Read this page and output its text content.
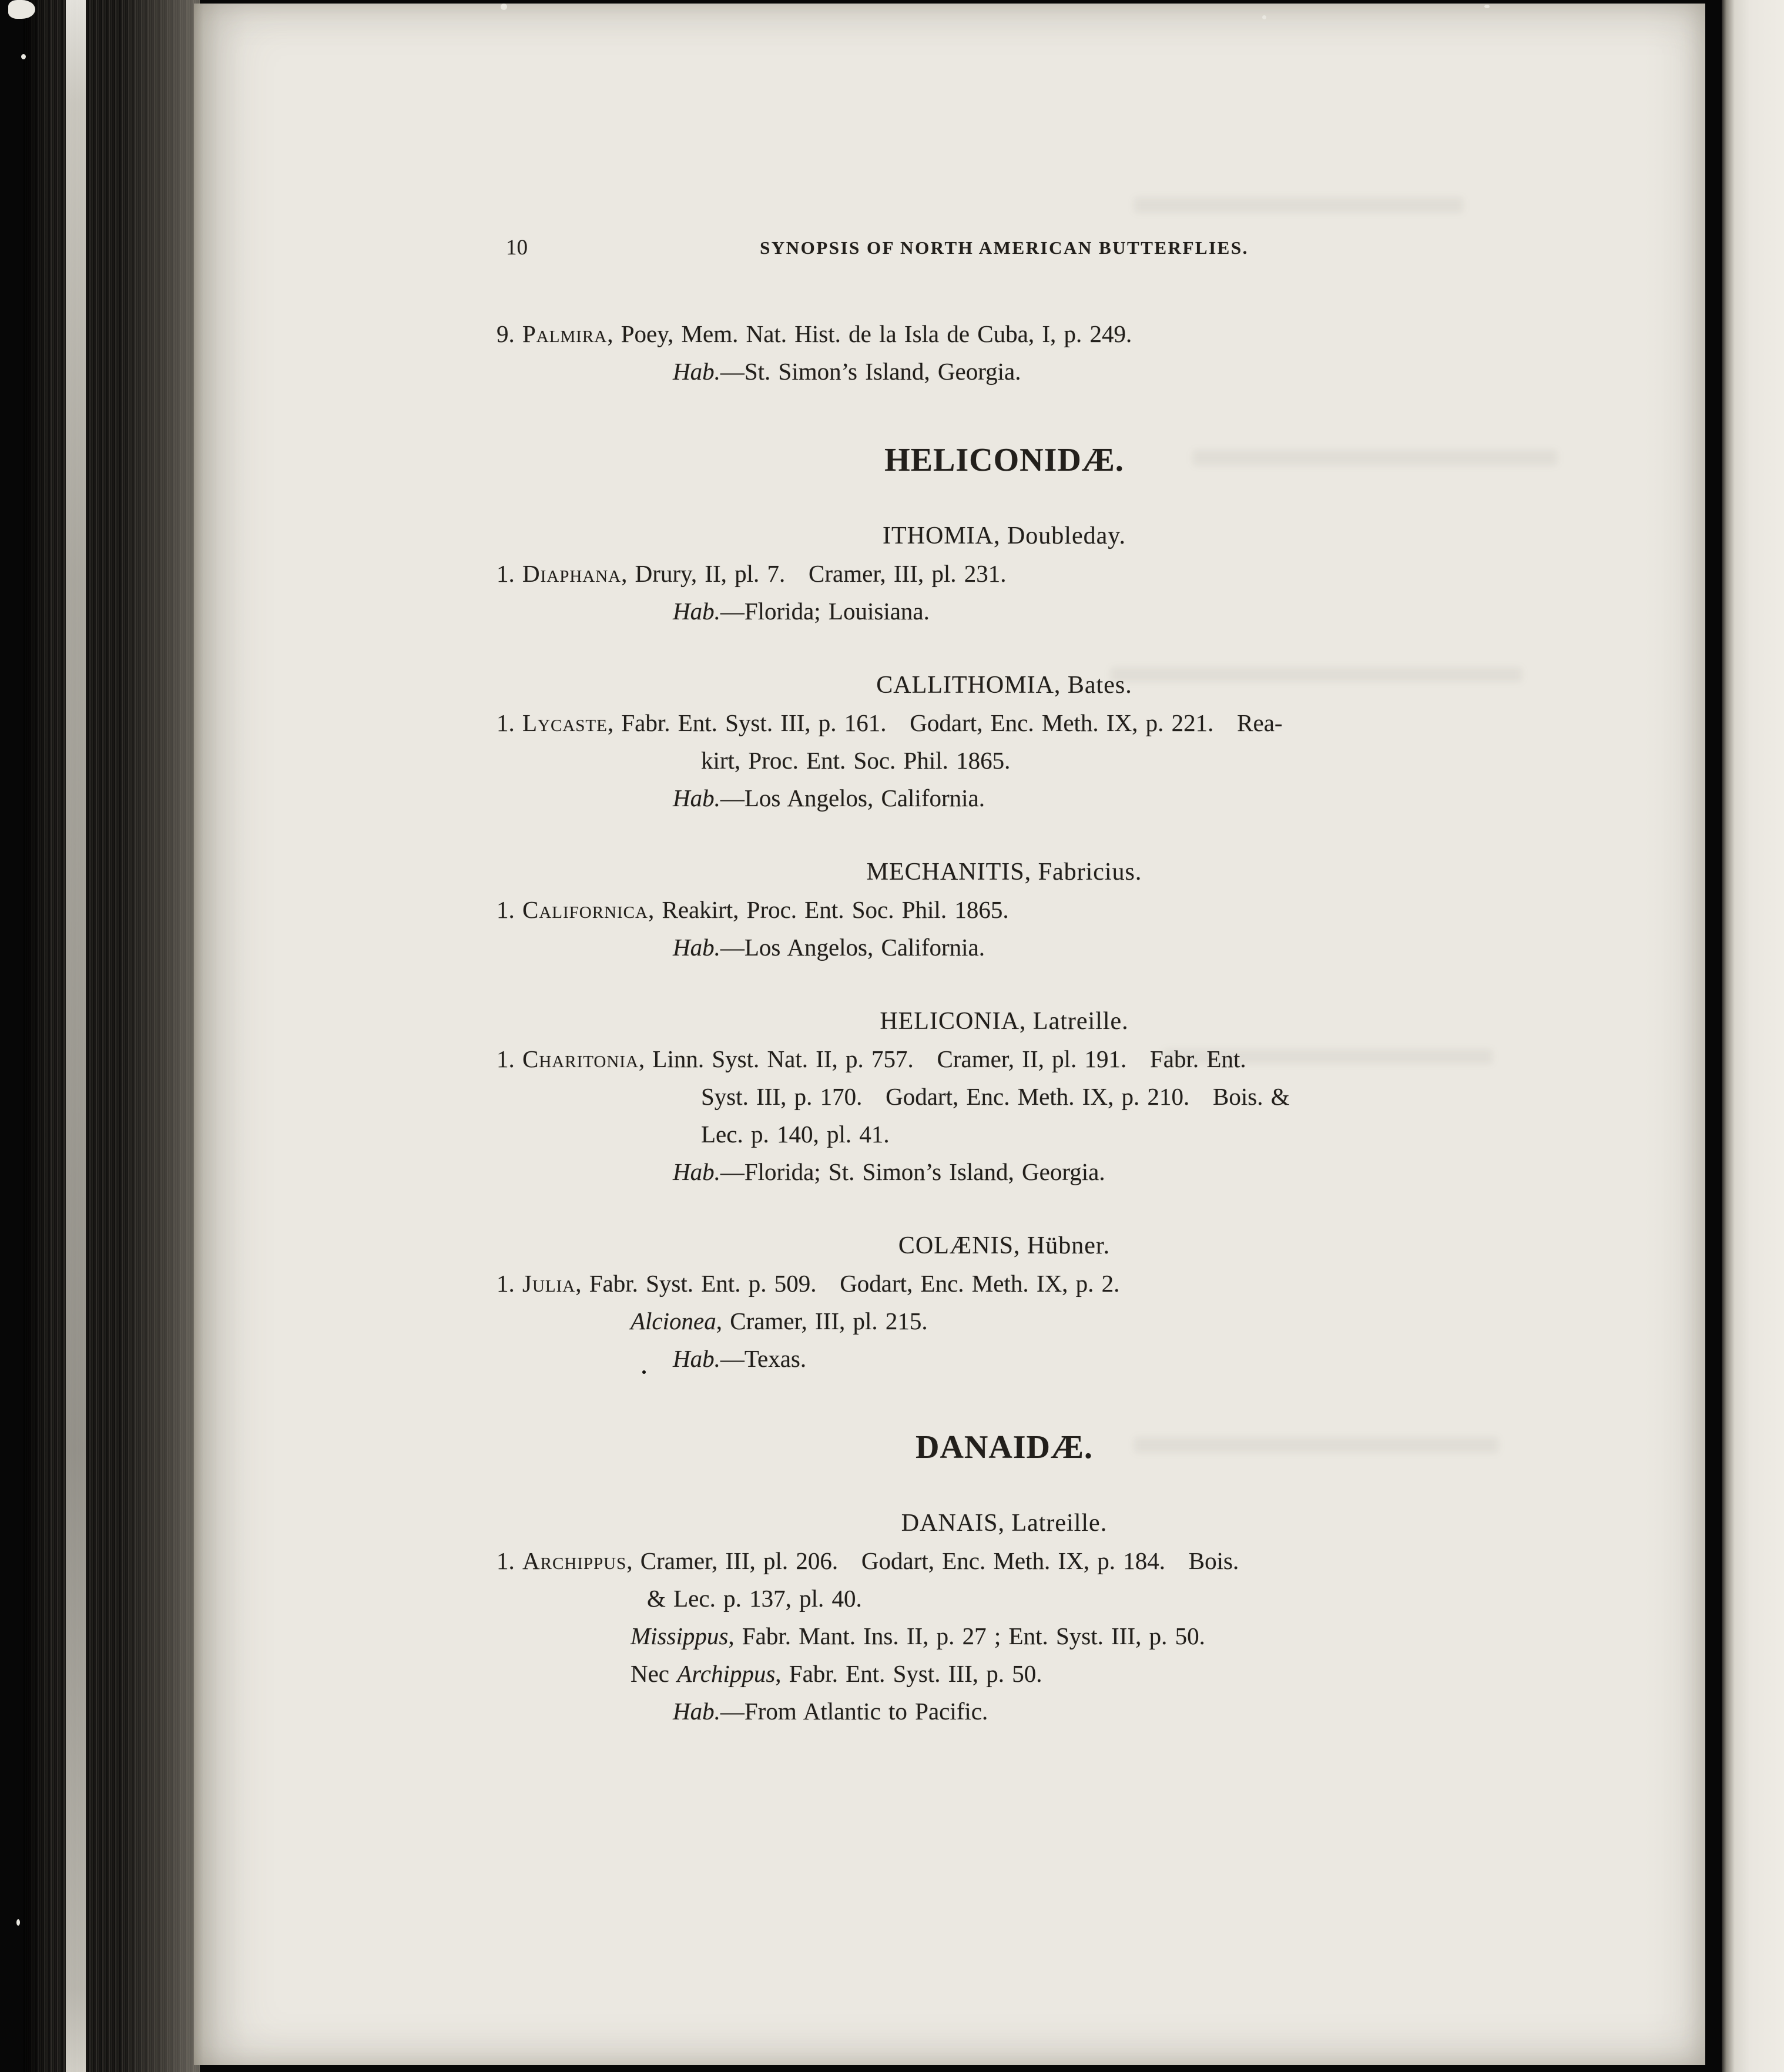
10	SYNOPSIS OF NORTH AMERICAN BUTTERFLIES.
9. Palmira, Poey, Mem. Nat. Hist. de la Isla de Cuba, I, p. 249.
Hab.—St. Simon’s Island, Georgia.
HELICONIDÆ.
ITHOMIA, Doubleday.
1. Diaphana, Drury, II, pl. 7.   Cramer, III, pl. 231.
Hab.—Florida; Louisiana.
CALLITHOMIA, Bates.
1. Lycaste, Fabr. Ent. Syst. III, p. 161.   Godart, Enc. Meth. IX, p. 221.   Rea-
kirt, Proc. Ent. Soc. Phil. 1865.
Hab.—Los Angelos, California.
MECHANITIS, Fabricius.
1. Californica, Reakirt, Proc. Ent. Soc. Phil. 1865.
Hab.—Los Angelos, California.
HELICONIA, Latreille.
1. Charitonia, Linn. Syst. Nat. II, p. 757.   Cramer, II, pl. 191.   Fabr. Ent.
Syst. III, p. 170.   Godart, Enc. Meth. IX, p. 210.   Bois. &
Lec. p. 140, pl. 41.
Hab.—Florida; St. Simon’s Island, Georgia.
COLÆNIS, Hübner.
1. Julia, Fabr. Syst. Ent. p. 509.   Godart, Enc. Meth. IX, p. 2.
Alcionea, Cramer, III, pl. 215.
Hab.—Texas.
DANAIDÆ.
DANAIS, Latreille.
1. Archippus, Cramer, III, pl. 206.   Godart, Enc. Meth. IX, p. 184.   Bois.
& Lec. p. 137, pl. 40.
Missippus, Fabr. Mant. Ins. II, p. 27 ; Ent. Syst. III, p. 50.
Nec Archippus, Fabr. Ent. Syst. III, p. 50.
Hab.—From Atlantic to Pacific.
